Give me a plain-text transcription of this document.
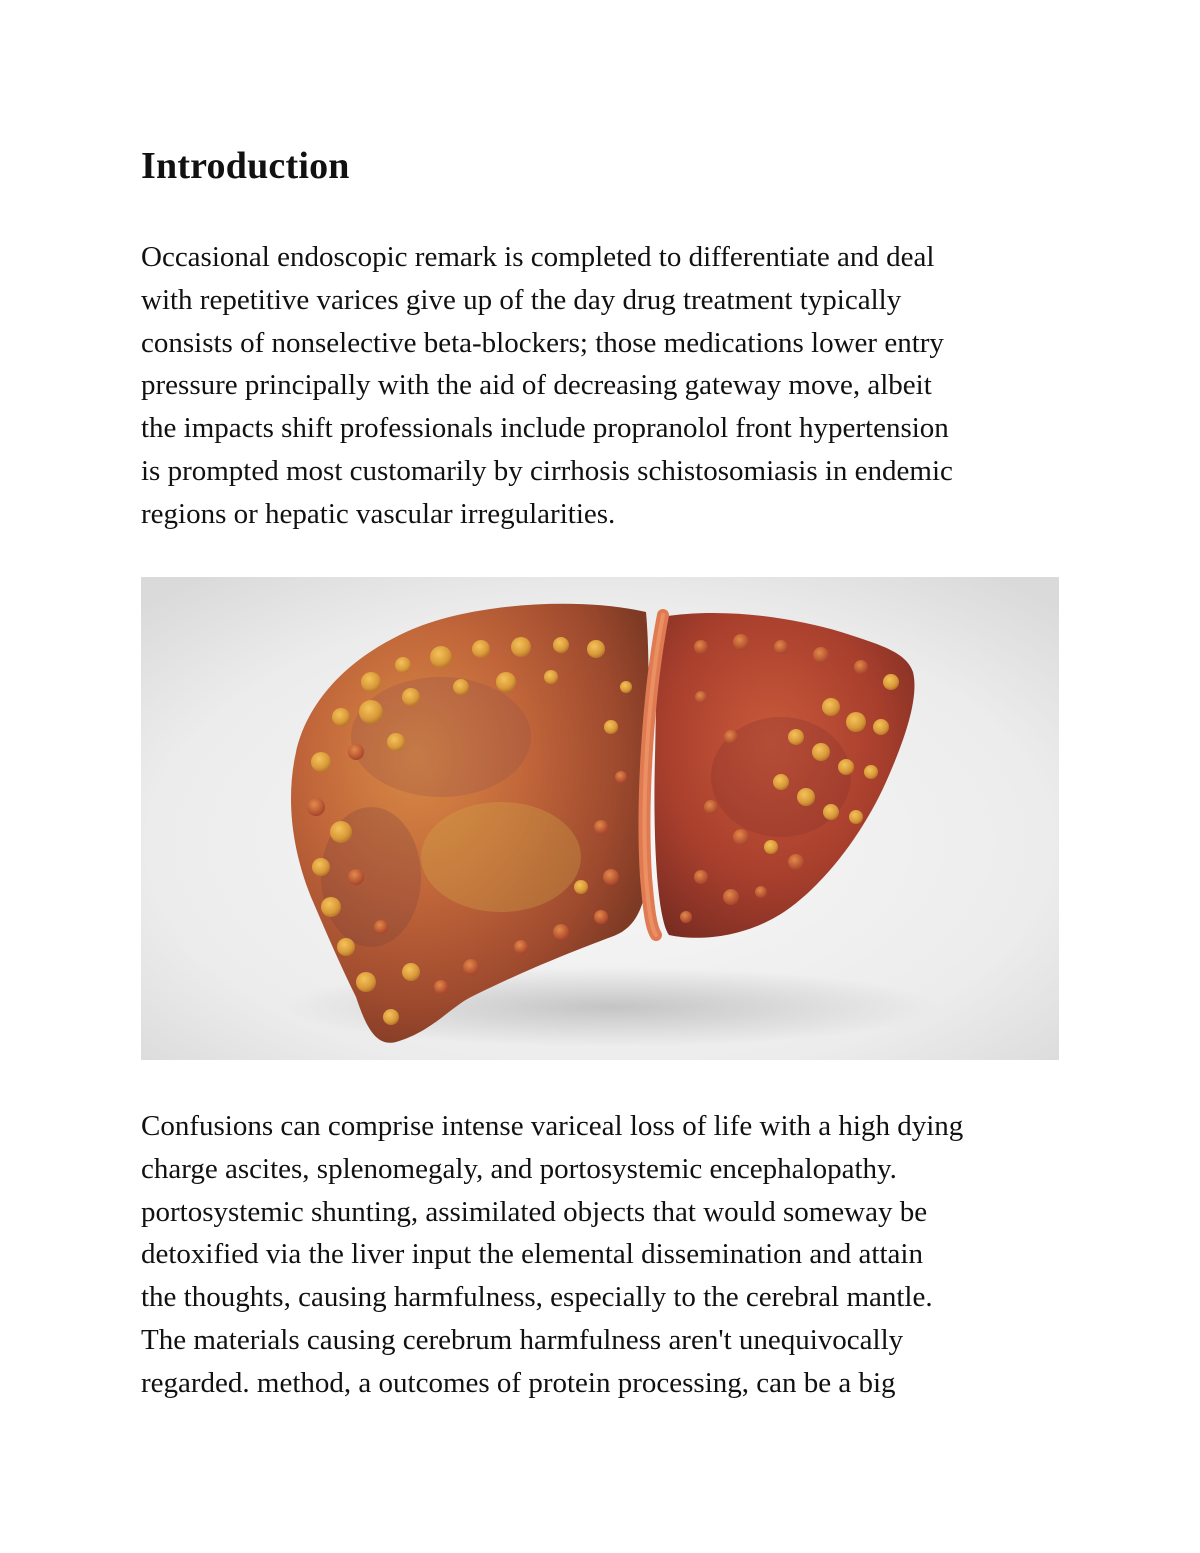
Introduction

Occasional endoscopic remark is completed to differentiate and deal
with repetitive varices give up of the day drug treatment typically
consists of nonselective beta-blockers; those medications lower entry
pressure principally with the aid of decreasing gateway move, albeit
the impacts shift professionals include propranolol front hypertension
is prompted most customarily by cirrhosis schistosomiasis in endemic
regions or hepatic vascular irregularities.

Confusions can comprise intense variceal loss of life with a high dying
charge ascites, splenomegaly, and portosystemic encephalopathy.
portosystemic shunting, assimilated objects that would someway be
detoxified via the liver input the elemental dissemination and attain
the thoughts, causing harmfulness, especially to the cerebral mantle.
The materials causing cerebrum harmfulness aren't unequivocally
regarded. method, a outcomes of protein processing, can be a big
